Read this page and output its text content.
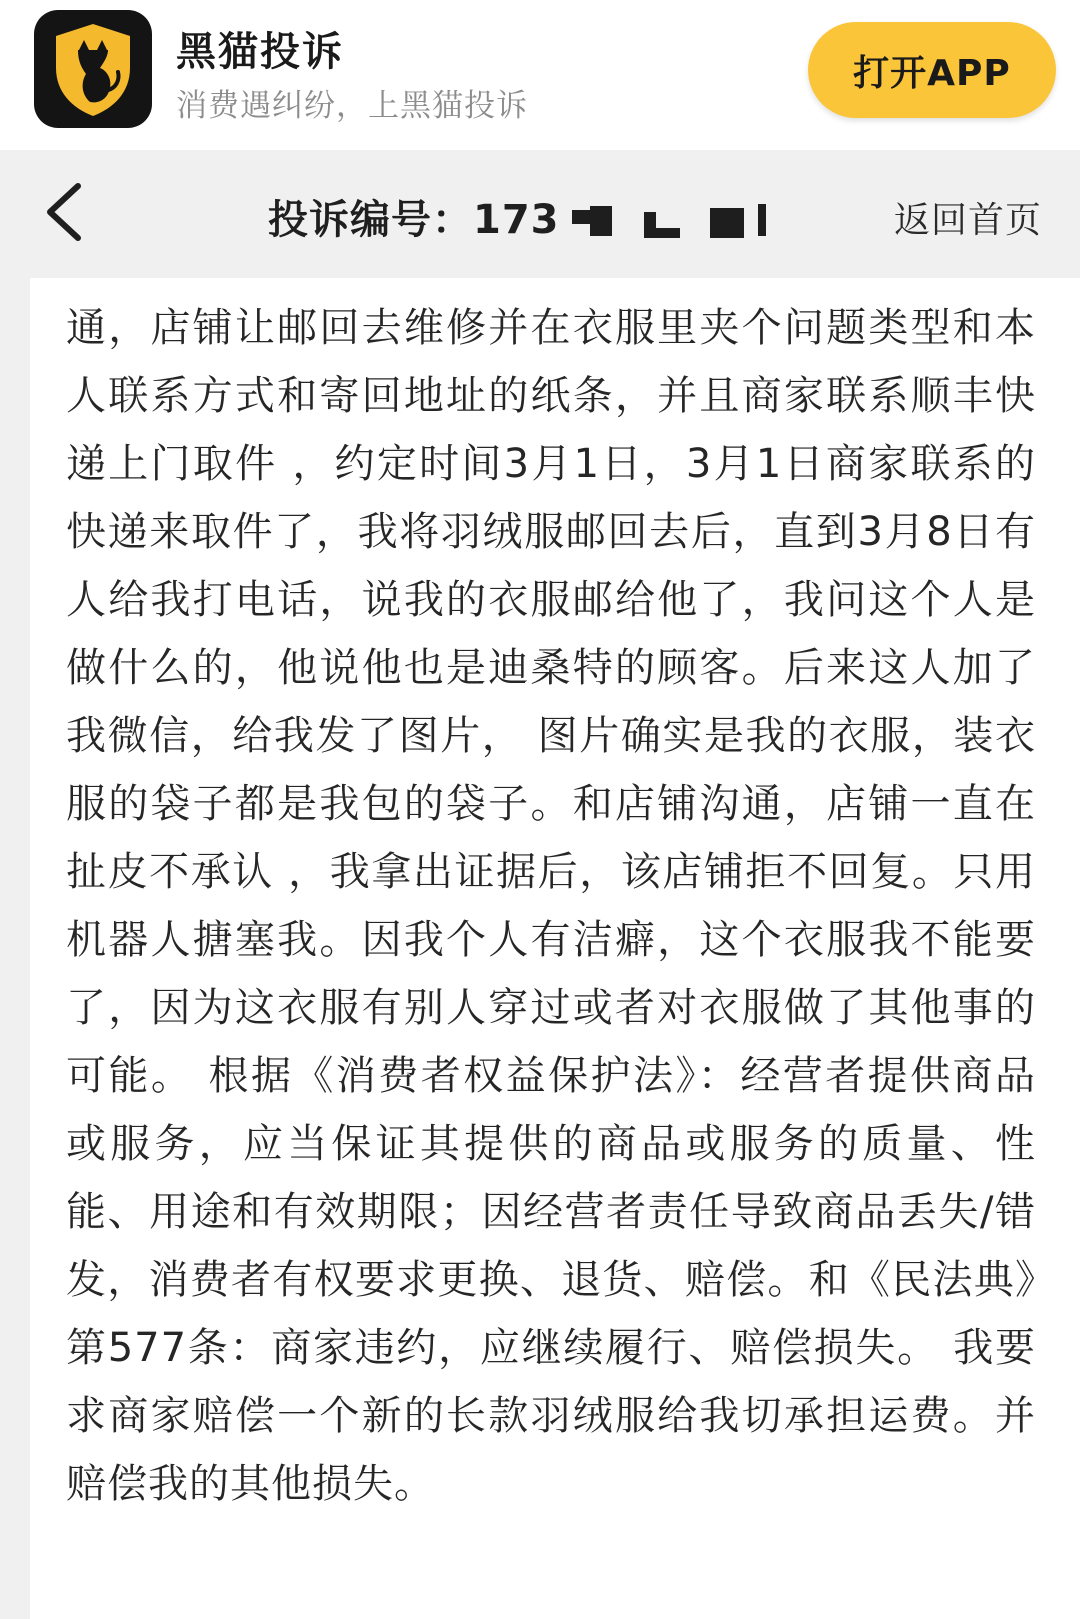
黑猫投诉
消费遇纠纷，上黑猫投诉
打开APP
投诉编号：173	返回首页
通，店铺让邮回去维修并在衣服里夹个问题类型和本人联系方式和寄回地址的纸条，并且商家联系顺丰快递上门取件 ，约定时间3月1日，3月1日商家联系的快递来取件了，我将羽绒服邮回去后，直到3月8日有人给我打电话，说我的衣服邮给他了，我问这个人是做什么的，他说他也是迪桑特的顾客。后来这人加了我微信，给我发了图片， 图片确实是我的衣服，装衣服的袋子都是我包的袋子。和店铺沟通，店铺一直在扯皮不承认 ，我拿出证据后，该店铺拒不回复。只用机器人搪塞我。因我个人有洁癖，这个衣服我不能要了，因为这衣服有别人穿过或者对衣服做了其他事的可能。 根据《消费者权益保护法》：经营者提供商品或服务，应当保证其提供的商品或服务的质量、性能、用途和有效期限；因经营者责任导致商品丢失/错发，消费者有权要求更换、退货、赔偿。和《民法典》第577条：商家违约，应继续履行、赔偿损失。 我要求商家赔偿一个新的长款羽绒服给我切承担运费。并赔偿我的其他损失。
